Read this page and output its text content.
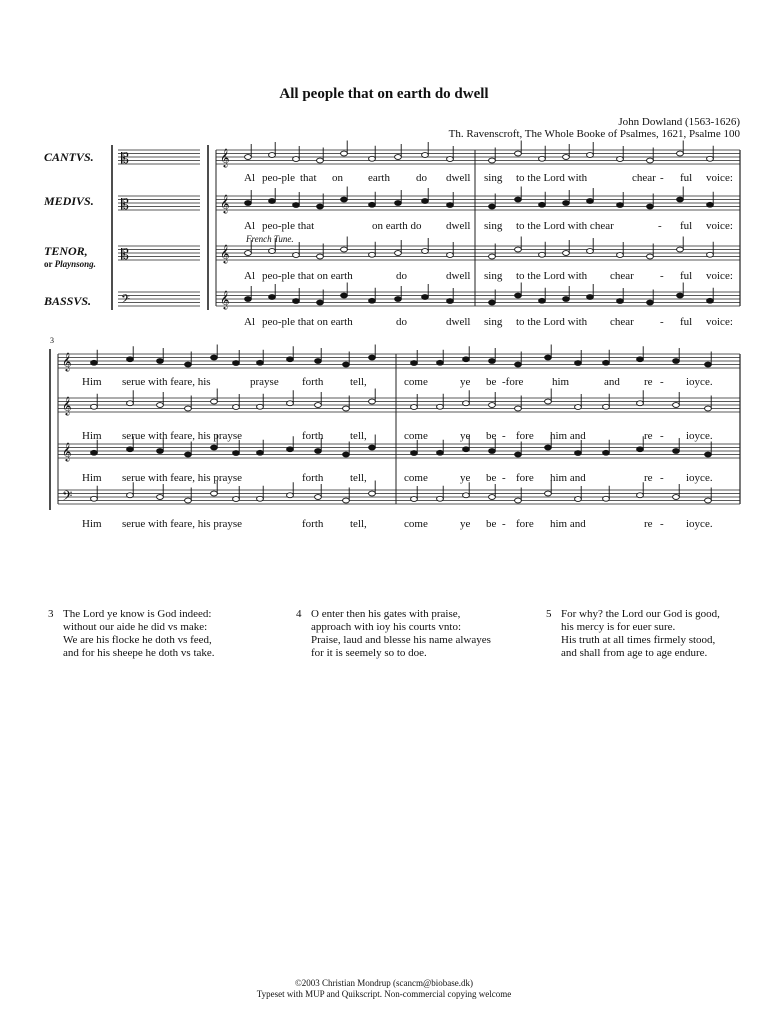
All people that on earth do dwell
John Dowland (1563-1626)
Th. Ravenscroft, The Whole Booke of Psalmes, 1621, Psalme 100
CANTVS.
MEDIVS.
TENOR,
or Playnsong.
BASSVS.
French Tune.
3
𝄞
𝄡
𝄞
𝄡
𝄞
𝄡
𝄞
𝄢
𝄞
𝄞
𝄞
𝄢
Al peo-ple that on earth do dwell sing to the Lord with	chear - ful voice:
Al peo-ple that	on earth do dwell sing to the Lord with chear	- ful voice:
Al peo-ple that on earth	do	dwell sing to the Lord with chear - ful voice:
Al peo-ple that on earth	do	dwell sing to the Lord with chear - ful voice:
Him serue with feare, his	prayse forth tell,	come	ye be -fore	him	and re - ioyce.
Him serue with feare, his prayse	forth tell,	come	ye be - fore him and	re - ioyce.
Him serue with feare, his prayse	forth tell,	come	ye be - fore him and	re - ioyce.
Him serue with feare, his prayse	forth tell,	come	ye be - fore him and	re - ioyce.
3 The Lord ye know is God indeed:
without our aide he did vs make:
We are his flocke he doth vs feed,
and for his sheepe he doth vs take.
4 O enter then his gates with praise,
approach with ioy his courts vnto:
Praise, laud and blesse his name alwayes
for it is seemely so to doe.
5 For why? the Lord our God is good,
his mercy is for euer sure.
His truth at all times firmely stood,
and shall from age to age endure.
©2003 Christian Mondrup (scancm@biobase.dk)
Typeset with MUP and Quikscript. Non-commercial copying welcome
